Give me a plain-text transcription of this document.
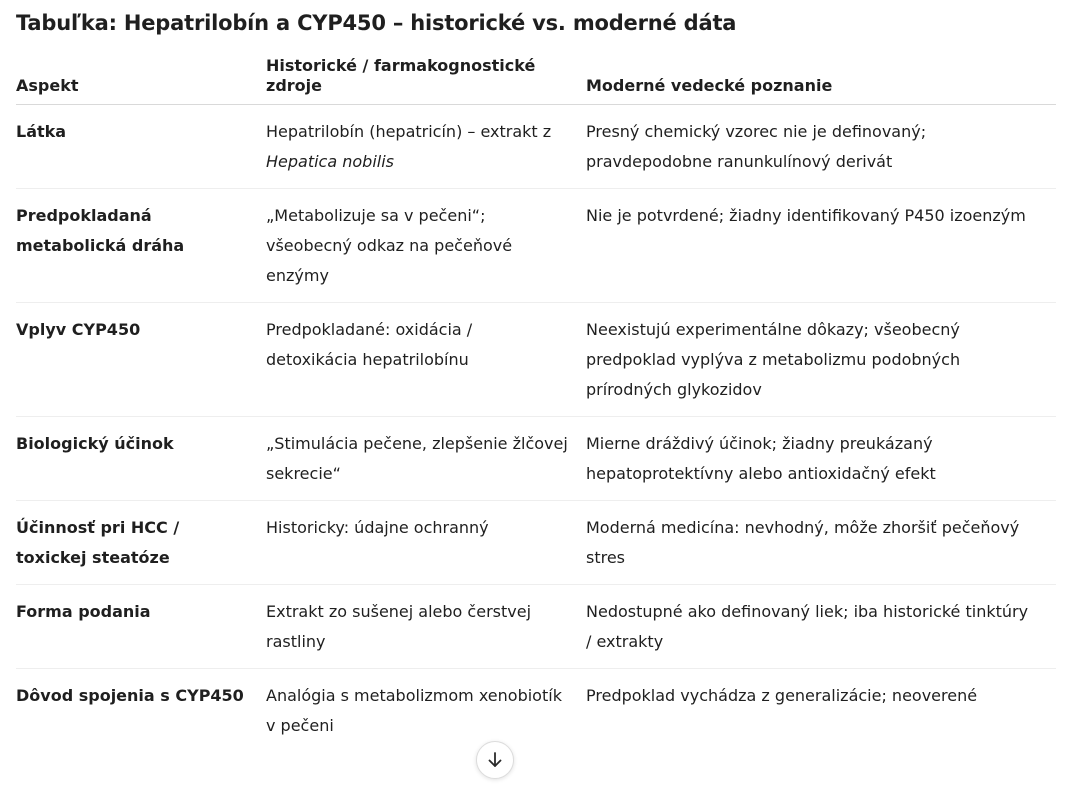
Tabuľka: Hepatrilobín a CYP450 – historické vs. moderné dáta
Aspekt	Historické / farmakognostické zdroje	Moderné vedecké poznanie
Látka	Hepatrilobín (hepatricín) – extrakt z Hepatica nobilis	Presný chemický vzorec nie je definovaný; pravdepodobne ranunkulínový derivát
Predpokladaná metabolická dráha	„Metabolizuje sa v pečeni“; všeobecný odkaz na pečeňové enzýmy	Nie je potvrdené; žiadny identifikovaný P450 izoenzým
Vplyv CYP450	Predpokladané: oxidácia / detoxikácia hepatrilobínu	Neexistujú experimentálne dôkazy; všeobecný predpoklad vyplýva z metabolizmu podobných prírodných glykozidov
Biologický účinok	„Stimulácia pečene, zlepšenie žlčovej sekrecie“	Mierne dráždivý účinok; žiadny preukázaný hepatoprotektívny alebo antioxidačný efekt
Účinnosť pri HCC / toxickej steatóze	Historicky: údajne ochranný	Moderná medicína: nevhodný, môže zhoršiť pečeňový stres
Forma podania	Extrakt zo sušenej alebo čerstvej rastliny	Nedostupné ako definovaný liek; iba historické tinktúry / extrakty
Dôvod spojenia s CYP450	Analógia s metabolizmom xenobiotík v pečeni	Predpoklad vychádza z generalizácie; neoverené
